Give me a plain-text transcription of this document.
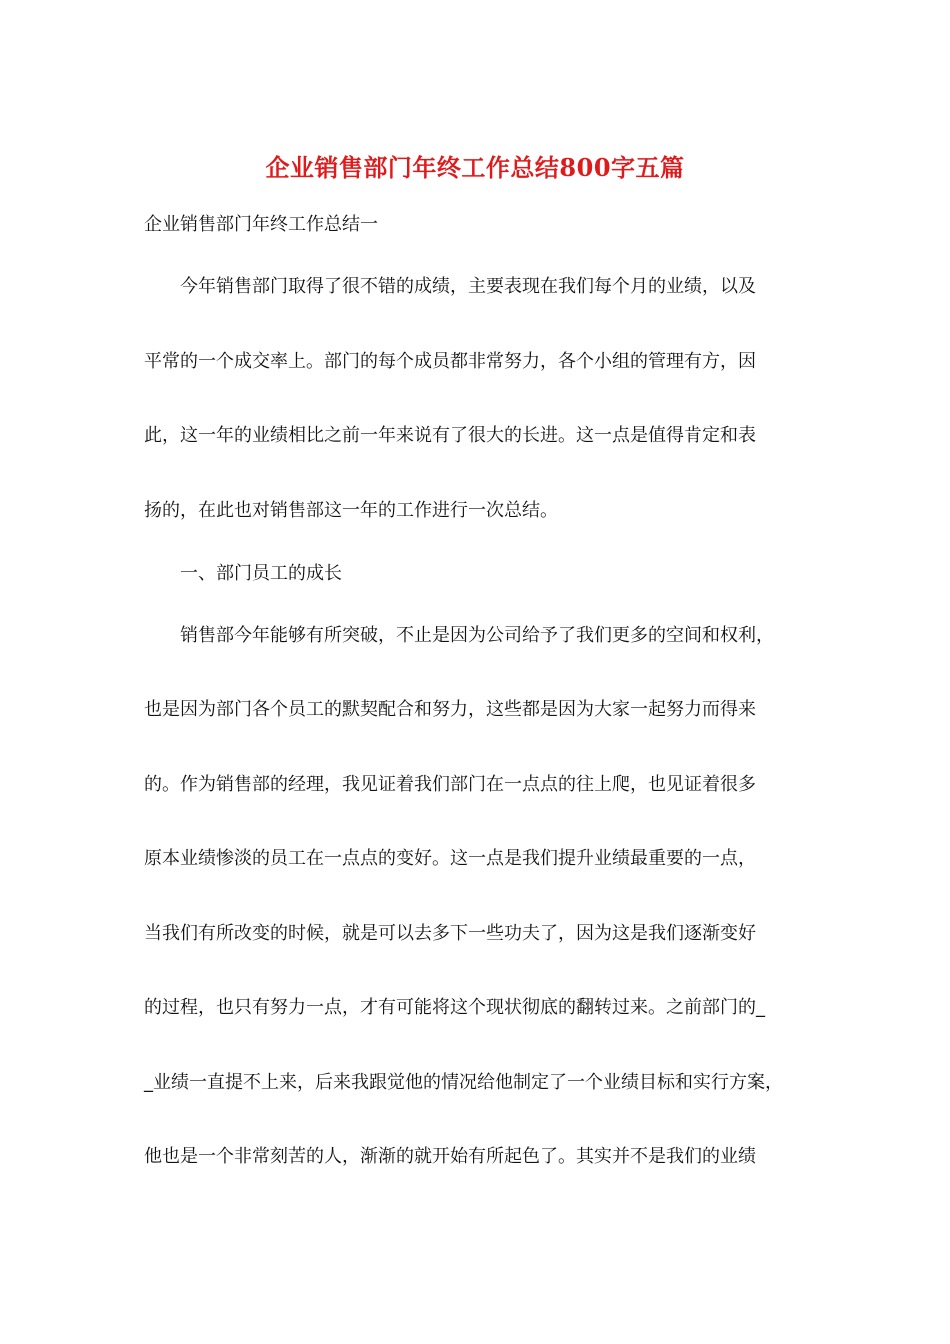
企业销售部门年终工作总结800字五篇
企业销售部门年终工作总结一
今年销售部门取得了很不错的成绩，主要表现在我们每个月的业绩，以及
平常的一个成交率上。部门的每个成员都非常努力，各个小组的管理有方，因
此，这一年的业绩相比之前一年来说有了很大的长进。这一点是值得肯定和表
扬的，在此也对销售部这一年的工作进行一次总结。
一、部门员工的成长
销售部今年能够有所突破，不止是因为公司给予了我们更多的空间和权利，
也是因为部门各个员工的默契配合和努力，这些都是因为大家一起努力而得来
的。作为销售部的经理，我见证着我们部门在一点点的往上爬，也见证着很多
原本业绩惨淡的员工在一点点的变好。这一点是我们提升业绩最重要的一点，
当我们有所改变的时候，就是可以去多下一些功夫了，因为这是我们逐渐变好
的过程，也只有努力一点，才有可能将这个现状彻底的翻转过来。之前部门的_
_业绩一直提不上来，后来我跟觉他的情况给他制定了一个业绩目标和实行方案，
他也是一个非常刻苦的人，渐渐的就开始有所起色了。其实并不是我们的业绩
